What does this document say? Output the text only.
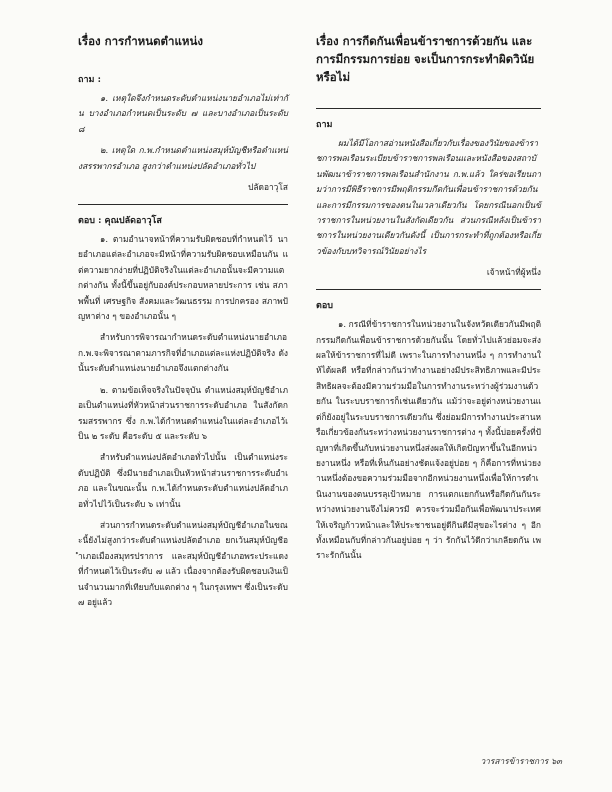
เรื่อง การกำหนดตำแหน่ง
ถาม :

๑. เหตุใดจึงกำหนดระดับตำแหน่งนายอำเภอไม่เท่ากัน บางอำเภอกำหนดเป็นระดับ ๗ และบางอำเภอเป็นระดับ ๘

๒. เหตุใด ก.พ.กำหนดตำแหน่งสมุห์บัญชีหรือตำแหน่งสรรพากรอำเภอ สูงกว่าตำแหน่งปลัดอำเภอทั่วไป

ปลัดอาวุโส
ตอบ : คุณปลัดอาวุโส

๑. ตามอำนาจหน้าที่ความรับผิดชอบที่กำหนดไว้ นายอำเภอแต่ละอำเภอจะมีหน้าที่ความรับผิดชอบเหมือนกัน แต่ความยากง่ายที่ปฏิบัติจริงในแต่ละอำเภอนั้นจะมีความแตกต่างกัน ทั้งนี้ขึ้นอยู่กับองค์ประกอบหลายประการ เช่น สภาพพื้นที่ เศรษฐกิจ สังคมและวัฒนธรรม การปกครอง สภาพปัญหาต่าง ๆ ของอำเภอนั้น ๆ

สำหรับการพิจารณากำหนดระดับตำแหน่งนายอำเภอ ก.พ.จะพิจารณาตามภารกิจที่อำเภอแต่ละแห่งปฏิบัติจริง ดังนั้นระดับตำแหน่งนายอำเภอจึงแตกต่างกัน

๒. ตามข้อเท็จจริงในปัจจุบัน ตำแหน่งสมุห์บัญชีอำเภอเป็นตำแหน่งที่หัวหน้าส่วนราชการระดับอำเภอ ในสังกัดกรมสรรพากร ซึ่ง ก.พ.ได้กำหนดตำแหน่งในแต่ละอำเภอไว้เป็น ๒ ระดับ คือระดับ ๕ และระดับ ๖

สำหรับตำแหน่งปลัดอำเภอทั่วไปนั้น เป็นตำแหน่งระดับปฏิบัติ ซึ่งมีนายอำเภอเป็นหัวหน้าส่วนราชการระดับอำเภอ และในขณะนั้น ก.พ.ได้กำหนดระดับตำแหน่งปลัดอำเภอทั่วไปไว้เป็นระดับ ๖ เท่านั้น

ส่วนการกำหนดระดับตำแหน่งสมุห์บัญชีอำเภอในขณะนี้ยังไม่สูงกว่าระดับตำแหน่งปลัดอำเภอ ยกเว้นสมุห์บัญชีอำเภอเมืองสมุทรปราการ และสมุห์บัญชีอำเภอพระประแดง ที่กำหนดไว้เป็นระดับ ๗ แล้ว เนื่องจากต้องรับผิดชอบเงินเป็นจำนวนมากที่เทียบกับแตกต่าง ๆ ในกรุงเทพฯ ซึ่งเป็นระดับ ๗ อยู่แล้ว

เรื่อง การกีดกันเพื่อนข้าราชการด้วยกัน และการมีกรรมการย่อย จะเป็นการกระทำผิดวินัยหรือไม่
ถาม

ผมได้มีโอกาสอ่านหนังสือเกี่ยวกับเรื่องของวินัยของข้าราชการพลเรือนระเบียบข้าราชการพลเรือนและหนังสือของสถาบันพัฒนาข้าราชการพลเรือนสำนักงาน ก.พ.แล้ว ใคร่ขอเรียนถามว่าการมีพิธีราชการมีพฤติกรรมกีดกันเพื่อนข้าราชการด้วยกันและการมีกรรมการของตนในเวลาเดียวกัน โดยกรณีนอกเป็นข้าราชการในหน่วยงานในสังกัดเดียวกัน ส่วนกรณีหลังเป็นข้าราชการในหน่วยงานเดียวกันดังนี้ เป็นการกระทำที่ถูกต้องหรือเกี่ยวข้องกับบทวิจารณ์วินัยอย่างไร

เจ้าหน้าที่ผู้หนึ่ง
ตอบ

๑. กรณีที่ข้าราชการในหน่วยงานในจังหวัดเดียวกันมีพฤติกรรมกีดกันเพื่อนข้าราชการด้วยกันนั้น โดยทั่วไปแล้วย่อมจะส่งผลให้ข้าราชการที่ไม่ดี เพราะในการทำงานหนึ่ง ๆ การทำงานให้ได้ผลดี หรือที่กล่าวกันว่าทำงานอย่างมีประสิทธิภาพและมีประสิทธิผลจะต้องมีความร่วมมือในการทำงานระหว่างผู้ร่วมงานด้วยกัน ในระบบราชการก็เช่นเดียวกัน แม้ว่าจะอยู่ต่างหน่วยงานแต่ก็ยังอยู่ในระบบราชการเดียวกัน ซึ่งย่อมมีการทำงานประสานหรือเกี่ยวข้องกันระหว่างหน่วยงานราชการต่าง ๆ ทั้งนี้บ่อยครั้งที่ปัญหาที่เกิดขึ้นกับหน่วยงานหนึ่งส่งผลให้เกิดปัญหาขึ้นในอีกหน่วยงานหนึ่ง หรือที่เห็นกันอย่างชัดแจ้งอยู่บ่อย ๆ ก็คือการที่หน่วยงานหนึ่งต้องขอความร่วมมือจากอีกหน่วยงานหนึ่งเพื่อให้การดำเนินงานของตนบรรลุเป้าหมาย การแตกแยกกันหรือกีดกันกันระหว่างหน่วยงานจึงไม่ควรมี ควรจะร่วมมือกันเพื่อพัฒนาประเทศให้เจริญก้าวหน้าและให้ประชาชนอยู่ดีกินดีมีสุขอะไรต่าง ๆ อีกทั้งเหมือนกับที่กล่าวกันอยู่บ่อย ๆ ว่า รักกันไว้ดีกว่าเกลียดกัน เพราะรักกันนั้น

วารสารข้าราชการ ๖๓
